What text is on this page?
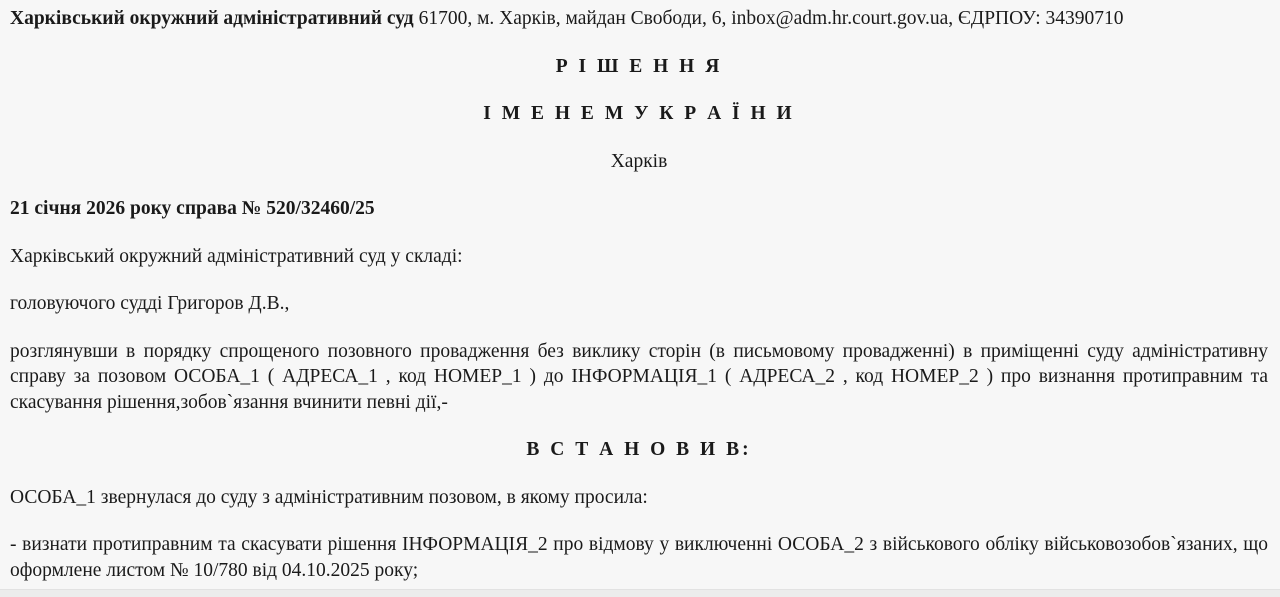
Харківський окружний адміністративний суд 61700, м. Харків, майдан Свободи, 6, inbox@adm.hr.court.gov.ua, ЄДРПОУ: 34390710

Р І Ш Е Н Н Я

І М Е Н Е М У К Р А Ї Н И

Харків

21 січня 2026 року справа № 520/32460/25

Харківський окружний адміністративний суд у складі:

головуючого судді Григоров Д.В.,

розглянувши в порядку спрощеного позовного провадження без виклику сторін (в письмовому провадженні) в приміщенні суду адміністративну справу за позовом ОСОБА_1 ( АДРЕСА_1 , код НОМЕР_1 ) до ІНФОРМАЦІЯ_1 ( АДРЕСА_2 , код НОМЕР_2 ) про визнання протиправним та скасування рішення,зобов`язання вчинити певні дії,-

В С Т А Н О В И В:

ОСОБА_1 звернулася до суду з адміністративним позовом, в якому просила:

- визнати протиправним та скасувати рішення ІНФОРМАЦІЯ_2 про відмову у виключенні ОСОБА_2 з військового обліку військовозобов`язаних, що оформлене листом № 10/780 від 04.10.2025 року;
